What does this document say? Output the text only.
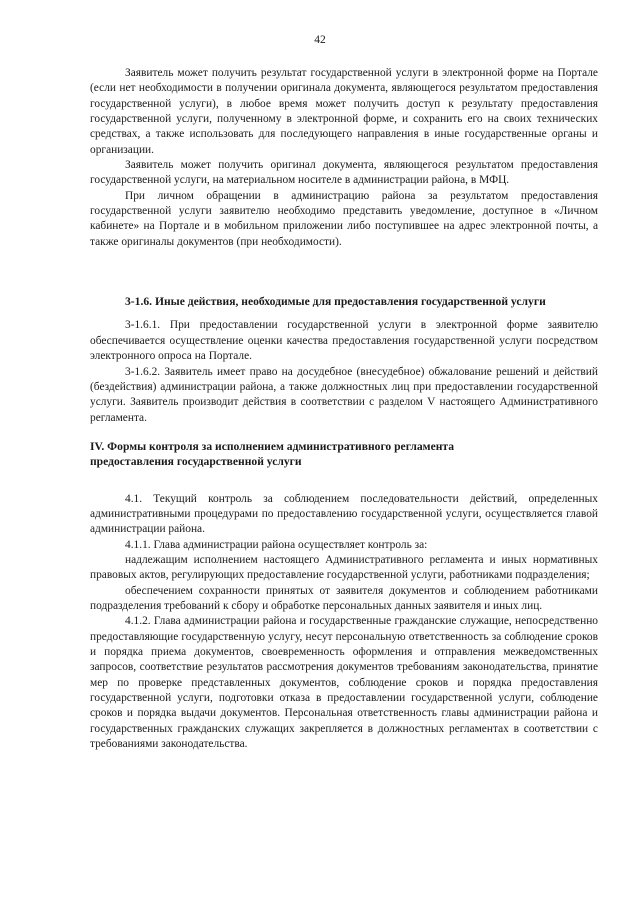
42

Заявитель может получить результат государственной услуги в электронной форме на Портале (если нет необходимости в получении оригинала документа, являющегося результатом предоставления государственной услуги), в любое время может получить доступ к результату предоставления государственной услуги, полученному в электронной форме, и сохранить его на своих технических средствах, а также использовать для последующего направления в иные государственные органы и организации.

Заявитель может получить оригинал документа, являющегося результатом предоставления государственной услуги, на материальном носителе в администрации района, в МФЦ.

При личном обращении в администрацию района за результатом предоставления государственной услуги заявителю необходимо представить уведомление, доступное в «Личном кабинете» на Портале и в мобильном приложении либо поступившее на адрес электронной почты, а также оригиналы документов (при необходимости).

3-1.6. Иные действия, необходимые для предоставления государственной услуги

3-1.6.1. При предоставлении государственной услуги в электронной форме заявителю обеспечивается осуществление оценки качества предоставления государственной услуги посредством электронного опроса на Портале.

3-1.6.2. Заявитель имеет право на досудебное (внесудебное) обжалование решений и действий (бездействия) администрации района, а также должностных лиц при предоставлении государственной услуги. Заявитель производит действия в соответствии с разделом V настоящего Административного регламента.

IV. Формы контроля за исполнением административного регламента

предоставления государственной услуги

4.1. Текущий контроль за соблюдением последовательности действий, определенных административными процедурами по предоставлению государственной услуги, осуществляется главой администрации района.

4.1.1. Глава администрации района осуществляет контроль за:

надлежащим исполнением настоящего Административного регламента и иных нормативных правовых актов, регулирующих предоставление государственной услуги, работниками подразделения;

обеспечением сохранности принятых от заявителя документов и соблюдением работниками подразделения требований к сбору и обработке персональных данных заявителя и иных лиц.

4.1.2. Глава администрации района и государственные гражданские служащие, непосредственно предоставляющие государственную услугу, несут персональную ответственность за соблюдение сроков и порядка приема документов, своевременность оформления и отправления межведомственных запросов, соответствие результатов рассмотрения документов требованиям законодательства, принятие мер по проверке представленных документов, соблюдение сроков и порядка предоставления государственной услуги, подготовки отказа в предоставлении государственной услуги, соблюдение сроков и порядка выдачи документов. Персональная ответственность главы администрации района и государственных гражданских служащих закрепляется в должностных регламентах в соответствии с требованиями законодательства.
